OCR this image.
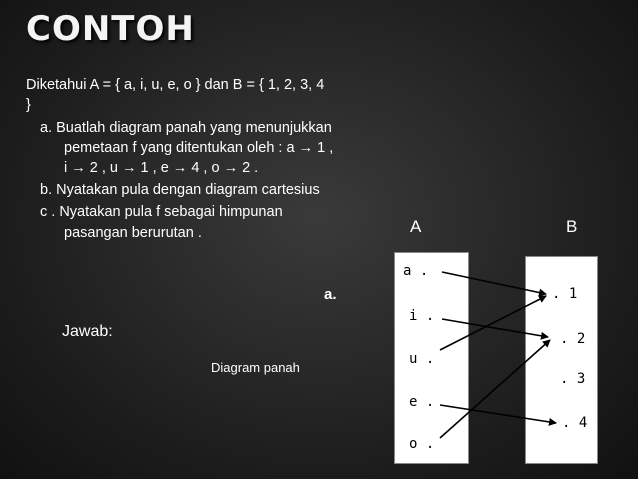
CONTOH
Diketahui A = { a, i, u, e, o } dan B = { 1, 2, 3, 4
}
a. Buatlah diagram panah yang menunjukkan
pemetaan f yang ditentukan oleh : a → 1 ,
i → 2 , u → 1 , e → 4 , o → 2 .
b. Nyatakan pula dengan diagram cartesius
c . Nyatakan pula f sebagai himpunan
pasangan berurutan .
Jawab:
a.
Diagram panah
A	B
a .
i .
u .
e .
o .
. 1
. 2
. 3
. 4
